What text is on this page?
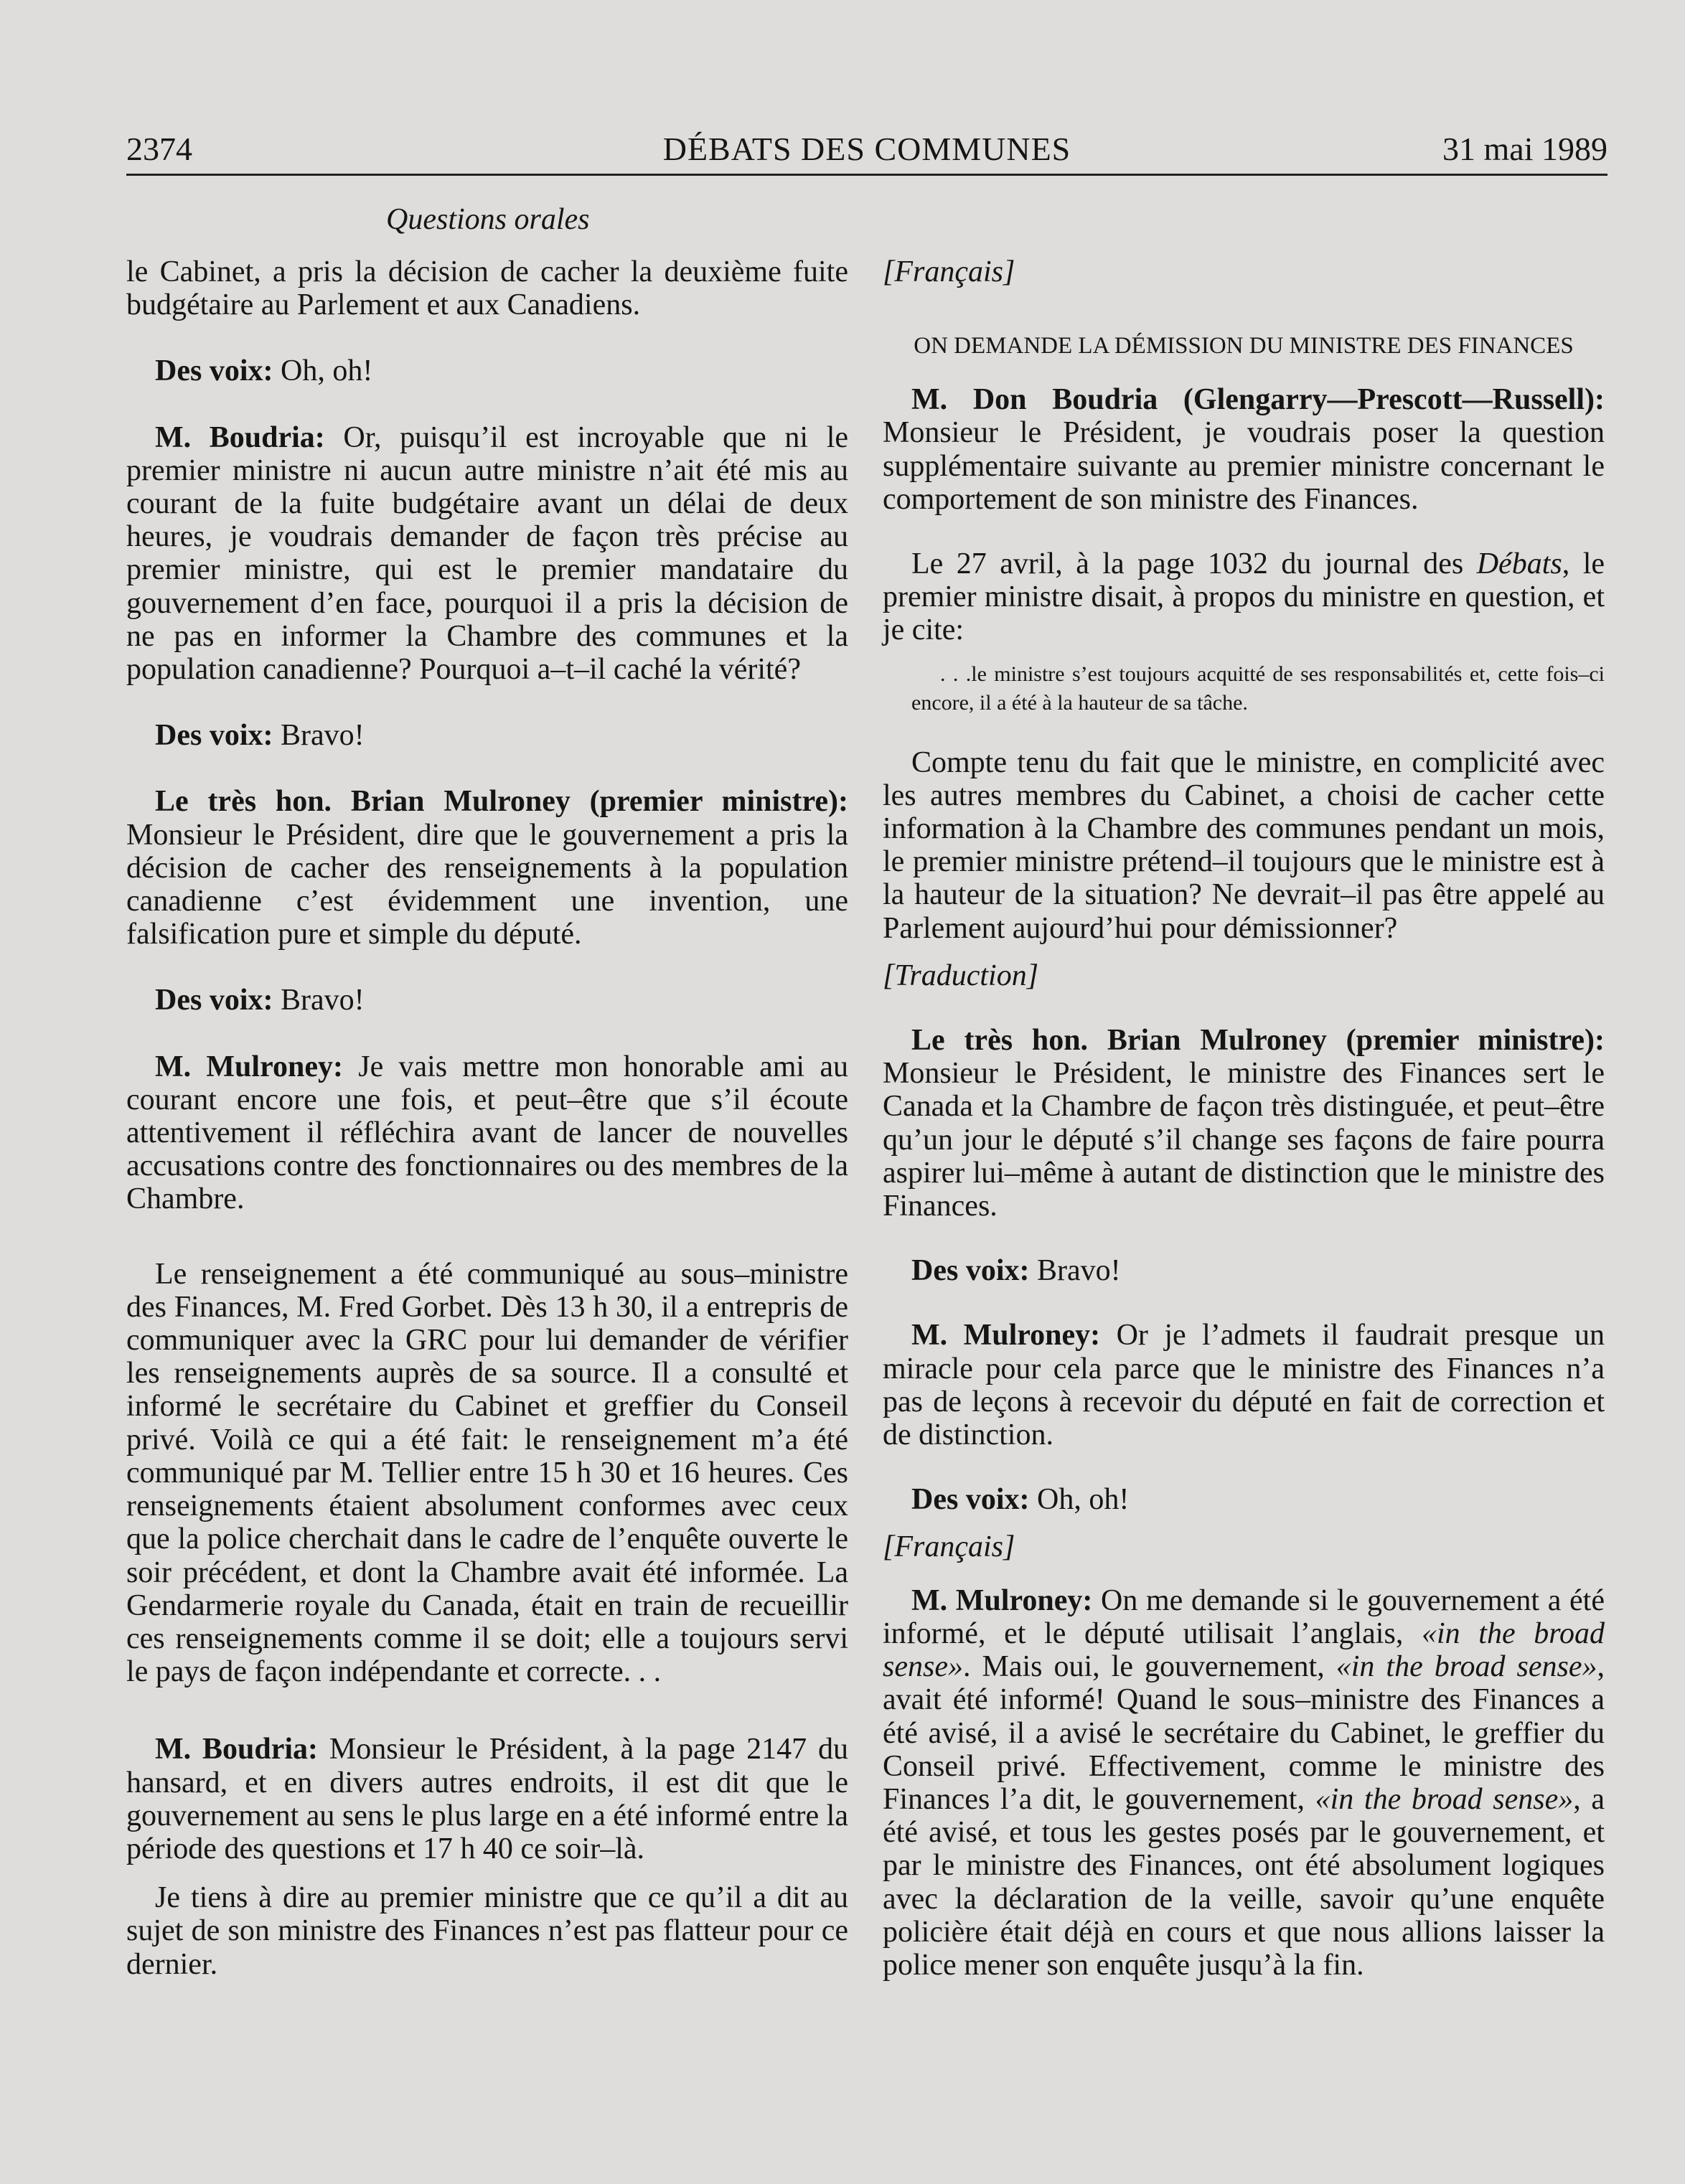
2374	DÉBATS DES COMMUNES	31 mai 1989
Questions orales

le Cabinet, a pris la décision de cacher la deuxième fuite budgétaire au Parlement et aux Canadiens.

Des voix: Oh, oh!

M. Boudria: Or, puisqu’il est incroyable que ni le premier ministre ni aucun autre ministre n’ait été mis au courant de la fuite budgétaire avant un délai de deux heures, je voudrais demander de façon très précise au premier ministre, qui est le premier mandataire du gouvernement d’en face, pourquoi il a pris la décision de ne pas en informer la Chambre des communes et la population canadienne? Pourquoi a–t–il caché la vérité?

Des voix: Bravo!

Le très hon. Brian Mulroney (premier ministre): Monsieur le Président, dire que le gouvernement a pris la décision de cacher des renseignements à la population canadienne c’est évidemment une invention, une falsification pure et simple du député.

Des voix: Bravo!

M. Mulroney: Je vais mettre mon honorable ami au courant encore une fois, et peut–être que s’il écoute attentivement il réfléchira avant de lancer de nouvelles accusations contre des fonctionnaires ou des membres de la Chambre.

Le renseignement a été communiqué au sous–ministre des Finances, M. Fred Gorbet. Dès 13 h 30, il a entrepris de communiquer avec la GRC pour lui demander de vérifier les renseignements auprès de sa source. Il a consulté et informé le secrétaire du Cabinet et greffier du Conseil privé. Voilà ce qui a été fait: le renseignement m’a été communiqué par M. Tellier entre 15 h 30 et 16 heures. Ces renseignements étaient absolument conformes avec ceux que la police cherchait dans le cadre de l’enquête ouverte le soir précédent, et dont la Chambre avait été informée. La Gendarmerie royale du Canada, était en train de recueillir ces renseignements comme il se doit; elle a toujours servi le pays de façon indépendante et correcte. . .

M. Boudria: Monsieur le Président, à la page 2147 du hansard, et en divers autres endroits, il est dit que le gouvernement au sens le plus large en a été informé entre la période des questions et 17 h 40 ce soir–là.

Je tiens à dire au premier ministre que ce qu’il a dit au sujet de son ministre des Finances n’est pas flatteur pour ce dernier.

[Français]

ON DEMANDE LA DÉMISSION DU MINISTRE DES FINANCES

M. Don Boudria (Glengarry—Prescott—Russell): Monsieur le Président, je voudrais poser la question supplémentaire suivante au premier ministre concernant le comportement de son ministre des Finances.

Le 27 avril, à la page 1032 du journal des Débats, le premier ministre disait, à propos du ministre en question, et je cite:

. . .le ministre s’est toujours acquitté de ses responsabilités et, cette fois–ci encore, il a été à la hauteur de sa tâche.

Compte tenu du fait que le ministre, en complicité avec les autres membres du Cabinet, a choisi de cacher cette information à la Chambre des communes pendant un mois, le premier ministre prétend–il toujours que le ministre est à la hauteur de la situation? Ne devrait–il pas être appelé au Parlement aujourd’hui pour démissionner?

[Traduction]

Le très hon. Brian Mulroney (premier ministre): Monsieur le Président, le ministre des Finances sert le Canada et la Chambre de façon très distinguée, et peut–être qu’un jour le député s’il change ses façons de faire pourra aspirer lui–même à autant de distinction que le ministre des Finances.

Des voix: Bravo!

M. Mulroney: Or je l’admets il faudrait presque un miracle pour cela parce que le ministre des Finances n’a pas de leçons à recevoir du député en fait de correction et de distinction.

Des voix: Oh, oh!

[Français]

M. Mulroney: On me demande si le gouvernement a été informé, et le député utilisait l’anglais, «in the broad sense». Mais oui, le gouvernement, «in the broad sense», avait été informé! Quand le sous–ministre des Finances a été avisé, il a avisé le secrétaire du Cabinet, le greffier du Conseil privé. Effectivement, comme le ministre des Finances l’a dit, le gouvernement, «in the broad sense», a été avisé, et tous les gestes posés par le gouvernement, et par le ministre des Finances, ont été absolument logiques avec la déclaration de la veille, savoir qu’une enquête policière était déjà en cours et que nous allions laisser la police mener son enquête jusqu’à la fin.
